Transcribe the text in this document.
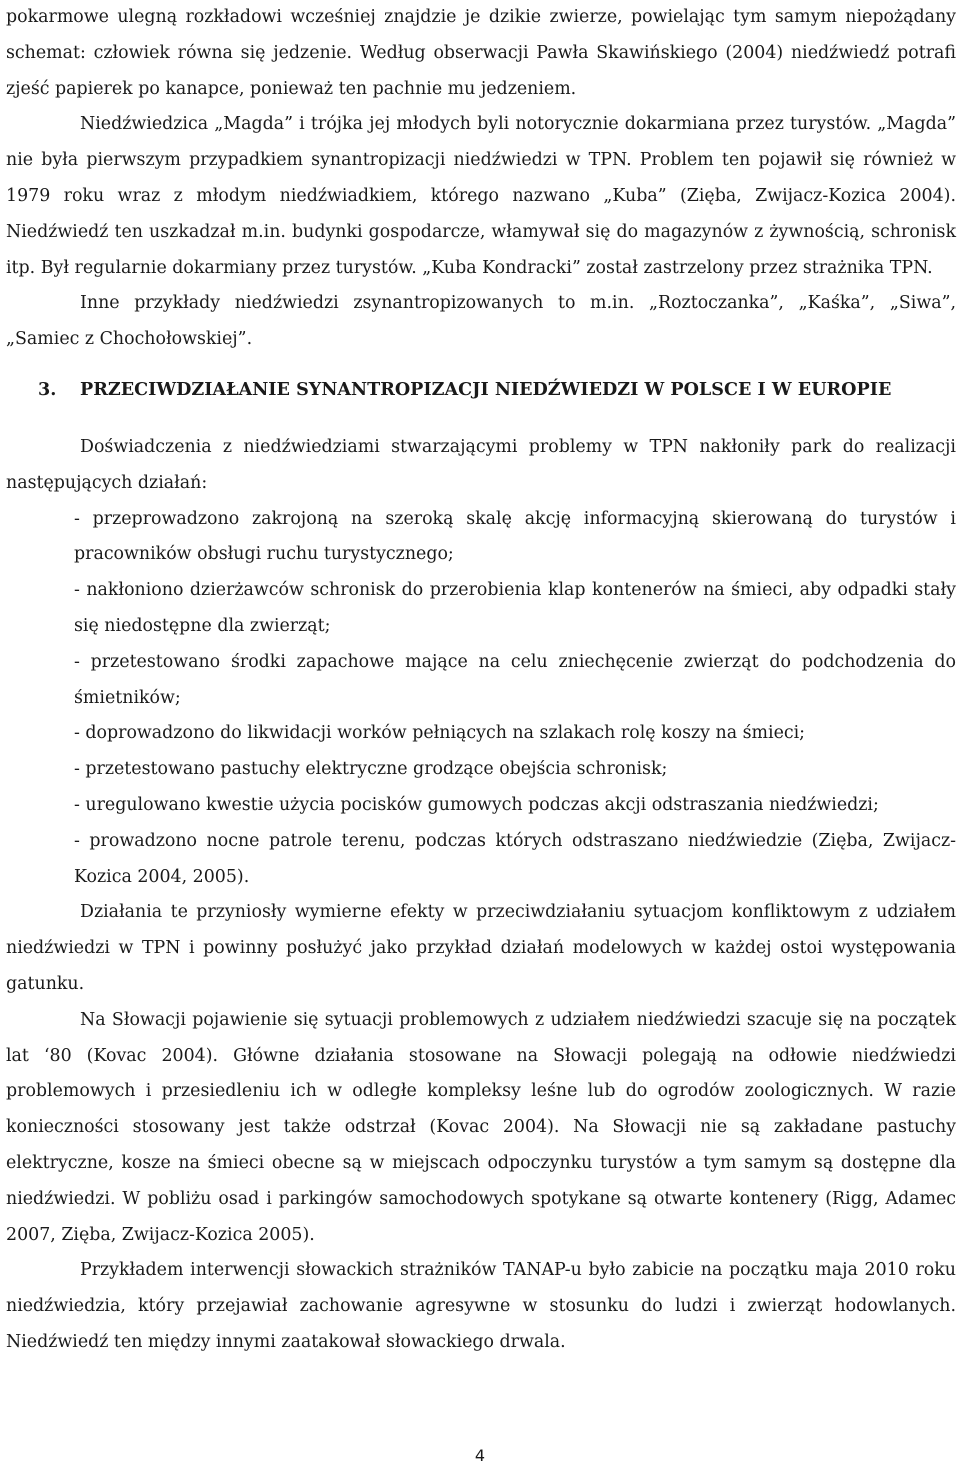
pokarmowe ulegną rozkładowi wcześniej znajdzie je dzikie zwierze, powielając tym samym niepożądany schemat: człowiek równa się jedzenie. Według obserwacji Pawła Skawińskiego (2004) niedźwiedź potrafi zjeść papierek po kanapce, ponieważ ten pachnie mu jedzeniem.

Niedźwiedzica „Magda” i trójka jej młodych byli notorycznie dokarmiana przez turystów. „Magda” nie była pierwszym przypadkiem synantropizacji niedźwiedzi w TPN. Problem ten pojawił się również w 1979 roku wraz z młodym niedźwiadkiem, którego nazwano „Kuba” (Zięba, Zwijacz-Kozica 2004). Niedźwiedź ten uszkadzał m.in. budynki gospodarcze, włamywał się do magazynów z żywnością, schronisk itp. Był regularnie dokarmiany przez turystów. „Kuba Kondracki” został zastrzelony przez strażnika TPN.

Inne przykłady niedźwiedzi zsynantropizowanych to m.in. „Roztoczanka”, „Kaśka”, „Siwa”, „Samiec z Chochołowskiej”.

3. PRZECIWDZIAŁANIE SYNANTROPIZACJI NIEDŹWIEDZI W POLSCE I W EUROPIE

Doświadczenia z niedźwiedziami stwarzającymi problemy w TPN nakłoniły park do realizacji następujących działań:

- przeprowadzono zakrojoną na szeroką skalę akcję informacyjną skierowaną do turystów i pracowników obsługi ruchu turystycznego;

- nakłoniono dzierżawców schronisk do przerobienia klap kontenerów na śmieci, aby odpadki stały się niedostępne dla zwierząt;

- przetestowano środki zapachowe mające na celu zniechęcenie zwierząt do podchodzenia do śmietników;

- doprowadzono do likwidacji worków pełniących na szlakach rolę koszy na śmieci;

- przetestowano pastuchy elektryczne grodzące obejścia schronisk;

- uregulowano kwestie użycia pocisków gumowych podczas akcji odstraszania niedźwiedzi;

- prowadzono nocne patrole terenu, podczas których odstraszano niedźwiedzie (Zięba, Zwijacz-Kozica 2004, 2005).

Działania te przyniosły wymierne efekty w przeciwdziałaniu sytuacjom konfliktowym z udziałem niedźwiedzi w TPN i powinny posłużyć jako przykład działań modelowych w każdej ostoi występowania gatunku.

Na Słowacji pojawienie się sytuacji problemowych z udziałem niedźwiedzi szacuje się na początek lat ‘80 (Kovac 2004). Główne działania stosowane na Słowacji polegają na odłowie niedźwiedzi problemowych i przesiedleniu ich w odległe kompleksy leśne lub do ogrodów zoologicznych. W razie konieczności stosowany jest także odstrzał (Kovac 2004). Na Słowacji nie są zakładane pastuchy elektryczne, kosze na śmieci obecne są w miejscach odpoczynku turystów a tym samym są dostępne dla niedźwiedzi. W pobliżu osad i parkingów samochodowych spotykane są otwarte kontenery (Rigg, Adamec 2007, Zięba, Zwijacz-Kozica 2005).

Przykładem interwencji słowackich strażników TANAP-u było zabicie na początku maja 2010 roku niedźwiedzia, który przejawiał zachowanie agresywne w stosunku do ludzi i zwierząt hodowlanych. Niedźwiedź ten między innymi zaatakował słowackiego drwala.

4
